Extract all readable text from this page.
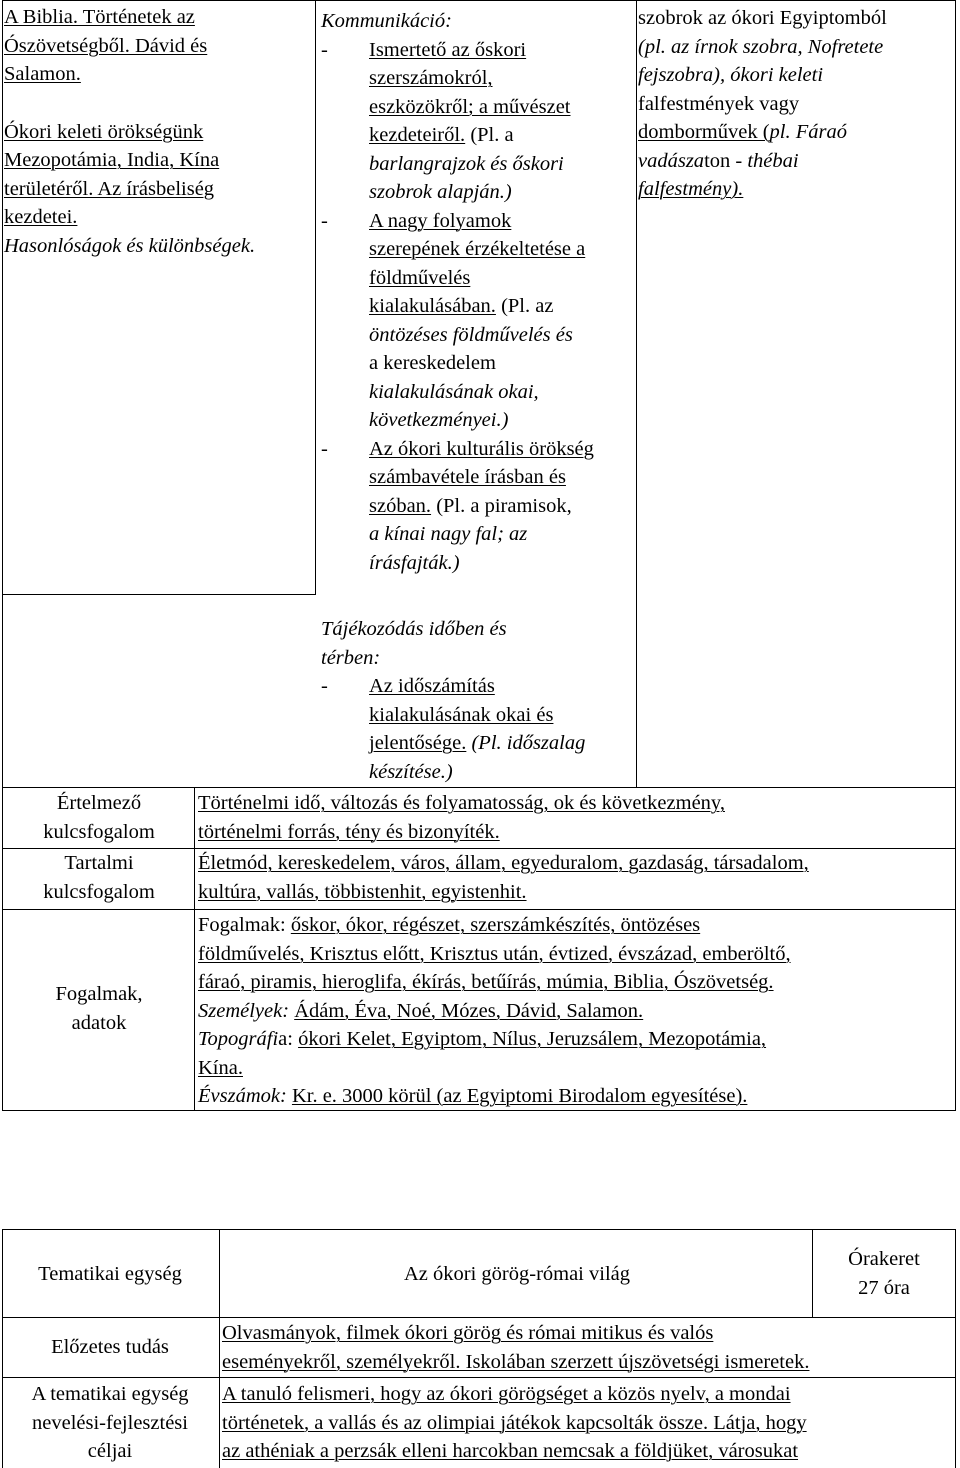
A Biblia. Történetek az
Ószövetségből. Dávid és
Salamon.
Ókori keleti örökségünk
Mezopotámia, India, Kína
területéről. Az írásbeliség
kezdetei.
Hasonlóságok és különbségek.
Kommunikáció:
- Ismertető az őskori
szerszámokról,
eszközökről; a művészet
kezdeteiről. (Pl. a
barlangrajzok és őskori
szobrok alapján.)
- A nagy folyamok
szerepének érzékeltetése a
földművelés
kialakulásában. (Pl. az
öntözéses földművelés és
a kereskedelem
kialakulásának okai,
következményei.)
- Az ókori kulturális örökség
számbavétele írásban és
szóban. (Pl. a piramisok,
a kínai nagy fal; az
írásfajták.)
szobrok az ókori Egyiptomból
(pl. az írnok szobra, Nofretete
fejszobra), ókori keleti
falfestmények vagy
domborművek (pl. Fáraó
vadászaton - thébai
falfestmény).
Tájékozódás időben és
térben:
- Az időszámítás
kialakulásának okai és
jelentősége. (Pl. időszalag
készítése.)
Értelmező
kulcsfogalom
Történelmi idő, változás és folyamatosság, ok és következmény,
történelmi forrás, tény és bizonyíték.
Tartalmi
kulcsfogalom
Életmód, kereskedelem, város, állam, egyeduralom, gazdaság, társadalom,
kultúra, vallás, többistenhit, egyistenhit.
Fogalmak,
adatok
Fogalmak: őskor, ókor, régészet, szerszámkészítés, öntözéses
földművelés, Krisztus előtt, Krisztus után, évtized, évszázad, emberöltő,
fáraó, piramis, hieroglifa, ékírás, betűírás, múmia, Biblia, Ószövetség.
Személyek: Ádám, Éva, Noé, Mózes, Dávid, Salamon.
Topográfia: ókori Kelet, Egyiptom, Nílus, Jeruzsálem, Mezopotámia,
Kína.
Évszámok: Kr. e. 3000 körül (az Egyiptomi Birodalom egyesítése).
Tematikai egység	Az ókori görög-római világ
Órakeret
27 óra
Előzetes tudás
Olvasmányok, filmek ókori görög és római mitikus és valós
eseményekről, személyekről. Iskolában szerzett újszövetségi ismeretek.
A tematikai egység
nevelési-fejlesztési
céljai
A tanuló felismeri, hogy az ókori görögséget a közös nyelv, a mondai
történetek, a vallás és az olimpiai játékok kapcsolták össze. Látja, hogy
az athéniak a perzsák elleni harcokban nemcsak a földjüket, városukat
